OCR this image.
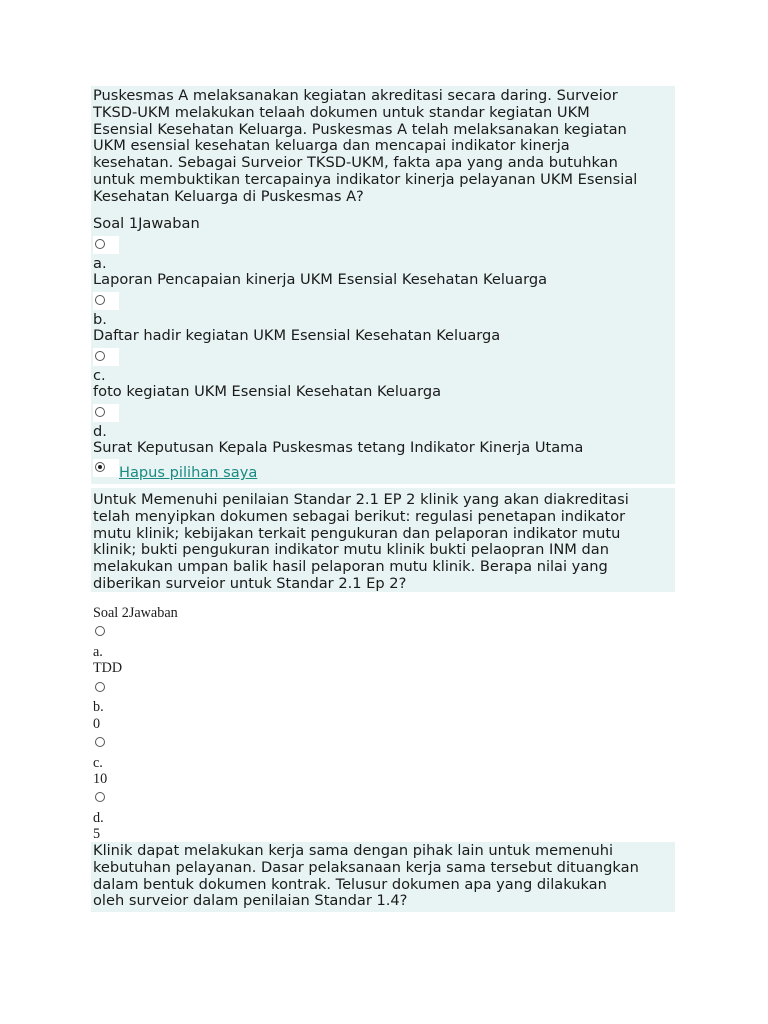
Puskesmas A melaksanakan kegiatan akreditasi secara daring. Surveior
TKSD-UKM melakukan telaah dokumen untuk standar kegiatan UKM
Esensial Kesehatan Keluarga. Puskesmas A telah melaksanakan kegiatan
UKM esensial kesehatan keluarga dan mencapai indikator kinerja
kesehatan. Sebagai Surveior TKSD-UKM, fakta apa yang anda butuhkan
untuk membuktikan tercapainya indikator kinerja pelayanan UKM Esensial
Kesehatan Keluarga di Puskesmas A?
Soal 1Jawaban
a.
Laporan Pencapaian kinerja UKM Esensial Kesehatan Keluarga
b.
Daftar hadir kegiatan UKM Esensial Kesehatan Keluarga
c.
foto kegiatan UKM Esensial Kesehatan Keluarga
d.
Surat Keputusan Kepala Puskesmas tetang Indikator Kinerja Utama
Hapus pilihan saya
Untuk Memenuhi penilaian Standar 2.1 EP 2 klinik yang akan diakreditasi
telah menyipkan dokumen sebagai berikut: regulasi penetapan indikator
mutu klinik; kebijakan terkait pengukuran dan pelaporan indikator mutu
klinik; bukti pengukuran indikator mutu klinik bukti pelaopran INM dan
melakukan umpan balik hasil pelaporan mutu klinik. Berapa nilai yang
diberikan surveior untuk Standar 2.1 Ep 2?
Soal 2Jawaban
a.
TDD
b.
0
c.
10
d.
5
Klinik dapat melakukan kerja sama dengan pihak lain untuk memenuhi
kebutuhan pelayanan. Dasar pelaksanaan kerja sama tersebut dituangkan
dalam bentuk dokumen kontrak. Telusur dokumen apa yang dilakukan
oleh surveior dalam penilaian Standar 1.4?
